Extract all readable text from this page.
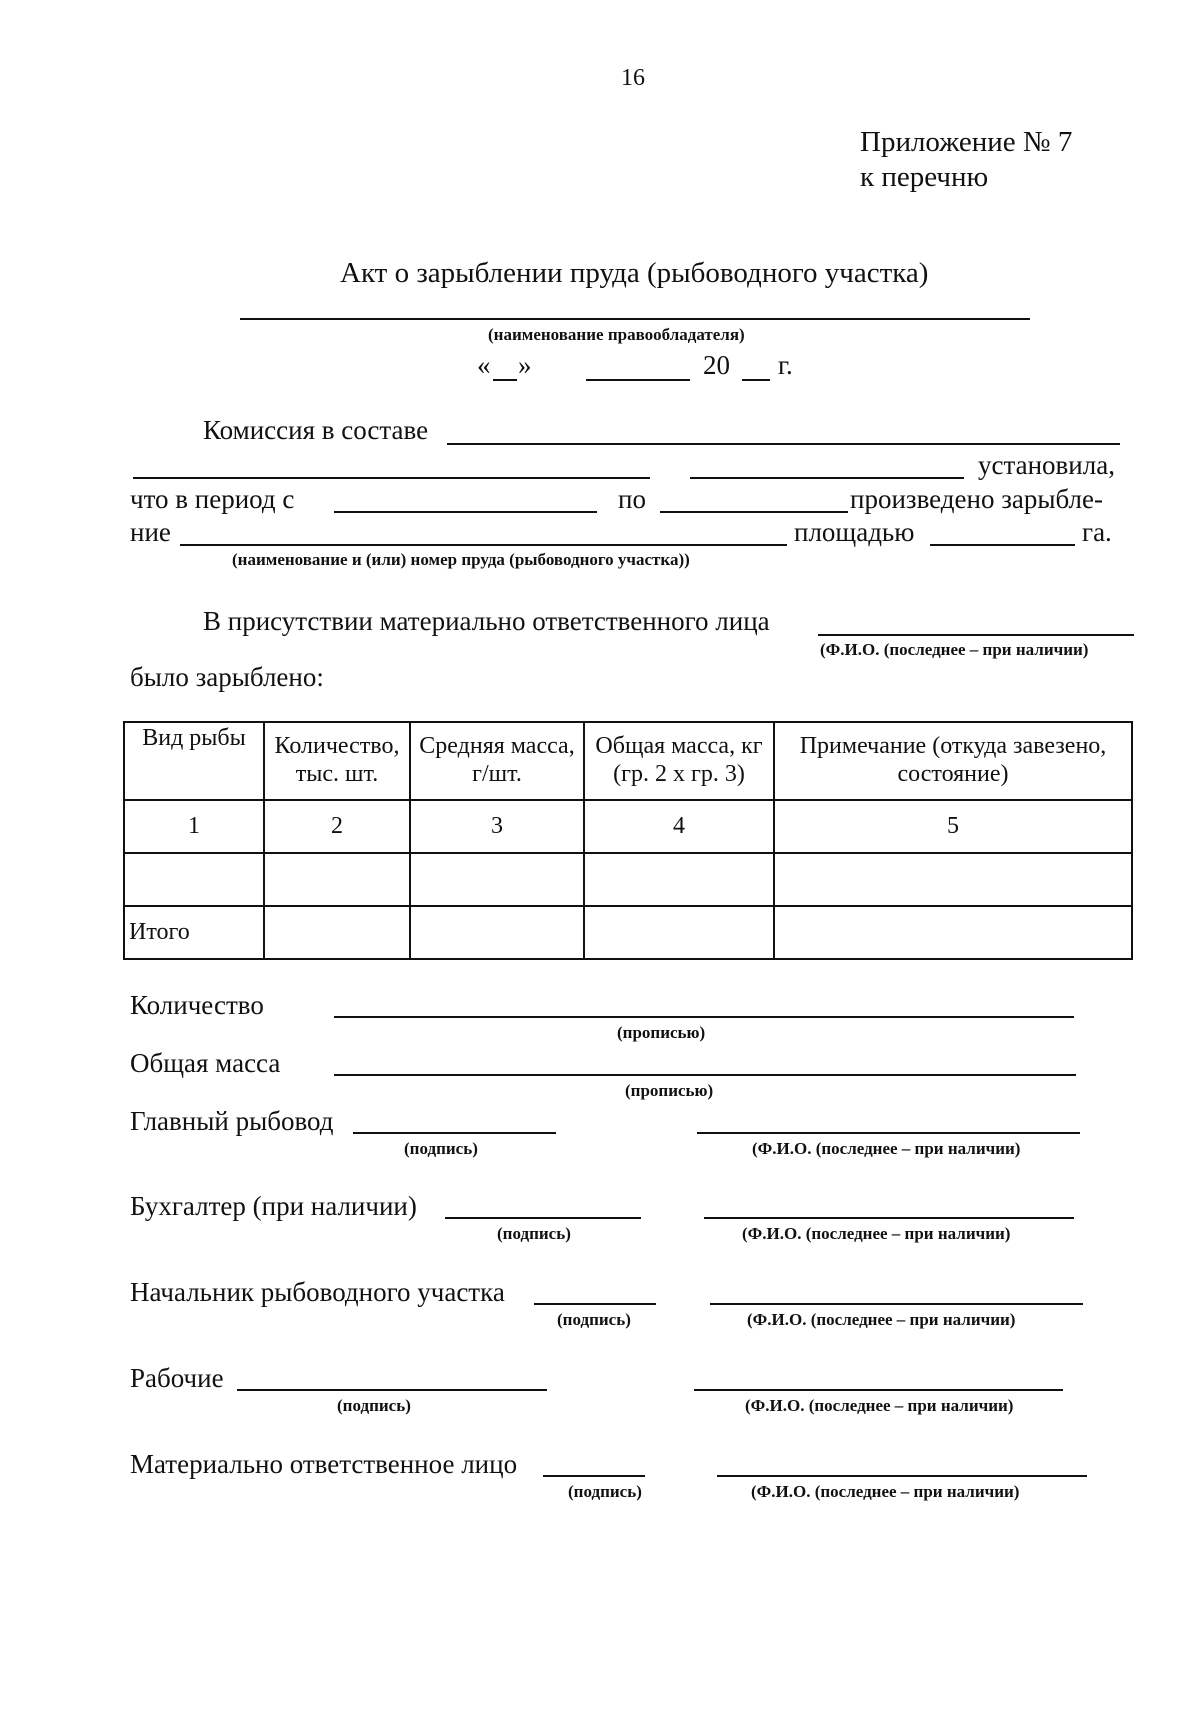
16
Приложение № 7
к перечню
Акт о зарыблении пруда (рыбоводного участка)
(наименование правообладателя)
« »	20 г.
Комиссия в составе
установила,
что в период с	по	произведено зарыбле-
ние	площадью	га.
(наименование и (или) номер пруда (рыбоводного участка))
В присутствии материально ответственного лица
(Ф.И.О. (последнее – при наличии)
было зарыблено:
Вид рыбы	Количество, тыс. шт.	Средняя масса, г/шт.	Общая масса, кг (гр. 2 х гр. 3)	Примечание (откуда завезено, состояние)
1	2	3	4	5

Итого				
Количество
(прописью)
Общая масса
(прописью)
Главный рыбовод
(подпись)	(Ф.И.О. (последнее – при наличии)
Бухгалтер (при наличии)
(подпись)	(Ф.И.О. (последнее – при наличии)
Начальник рыбоводного участка
(подпись)	(Ф.И.О. (последнее – при наличии)
Рабочие
(подпись)	(Ф.И.О. (последнее – при наличии)
Материально ответственное лицо
(подпись)	(Ф.И.О. (последнее – при наличии)
